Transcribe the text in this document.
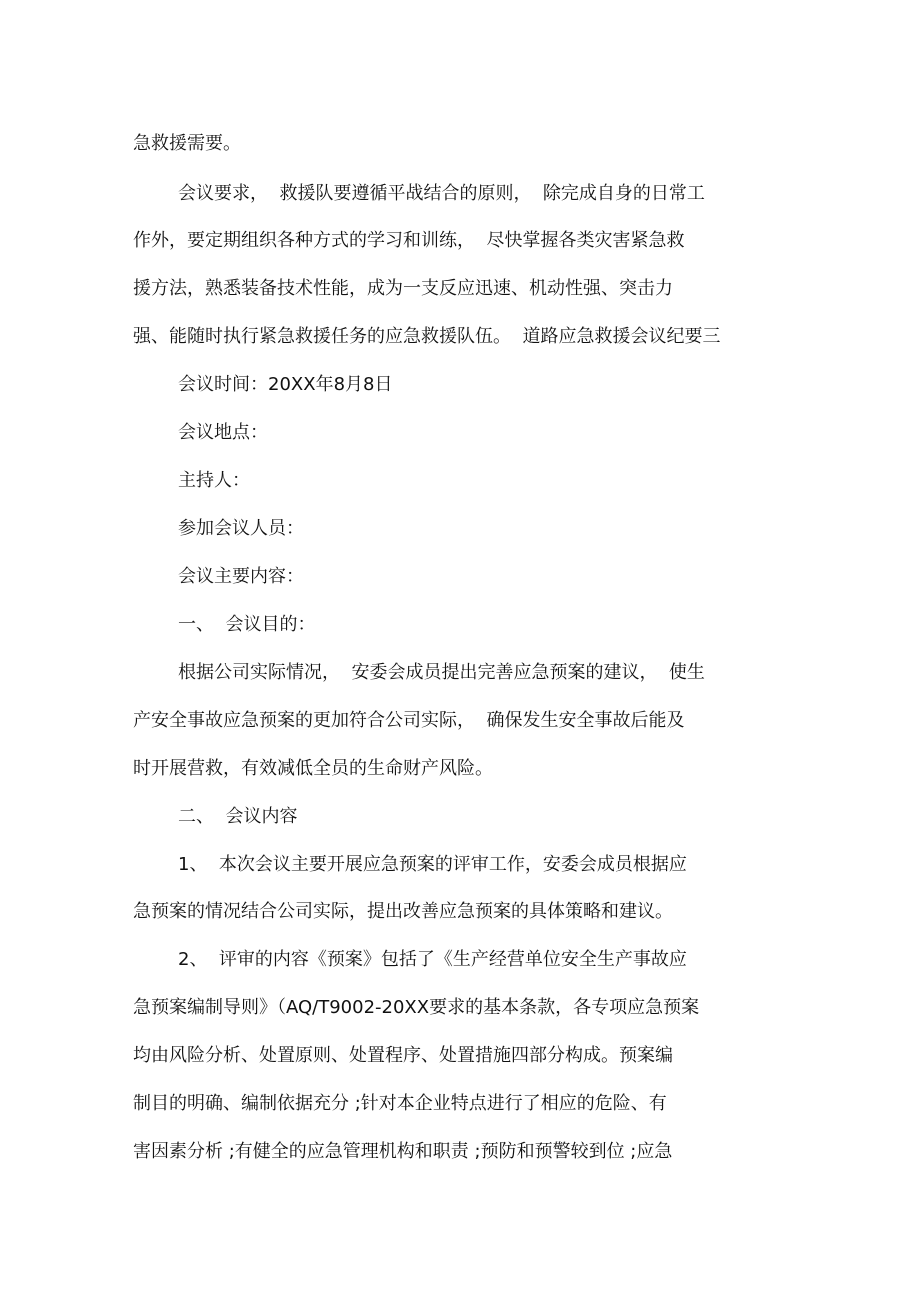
急救援需要。

会议要求，  救援队要遵循平战结合的原则，  除完成自身的日常工

作外，要定期组织各种方式的学习和训练，  尽快掌握各类灾害紧急救

援方法，熟悉装备技术性能，成为一支反应迅速、机动性强、突击力

强、能随时执行紧急救援任务的应急救援队伍。  道路应急救援会议纪要三

会议时间：20XX年8月8日

会议地点：

主持人：

参加会议人员：

会议主要内容：

一、  会议目的：

根据公司实际情况，  安委会成员提出完善应急预案的建议，  使生

产安全事故应急预案的更加符合公司实际，  确保发生安全事故后能及

时开展营救，有效减低全员的生命财产风险。

二、  会议内容

1、  本次会议主要开展应急预案的评审工作，安委会成员根据应

急预案的情况结合公司实际，提出改善应急预案的具体策略和建议。

2、  评审的内容《预案》包括了《生产经营单位安全生产事故应

急预案编制导则》（AQ/T9002-20XX要求的基本条款，各专项应急预案

均由风险分析、处置原则、处置程序、处置措施四部分构成。预案编

制目的明确、编制依据充分 ;针对本企业特点进行了相应的危险、有

害因素分析 ;有健全的应急管理机构和职责 ;预防和预警较到位 ;应急
